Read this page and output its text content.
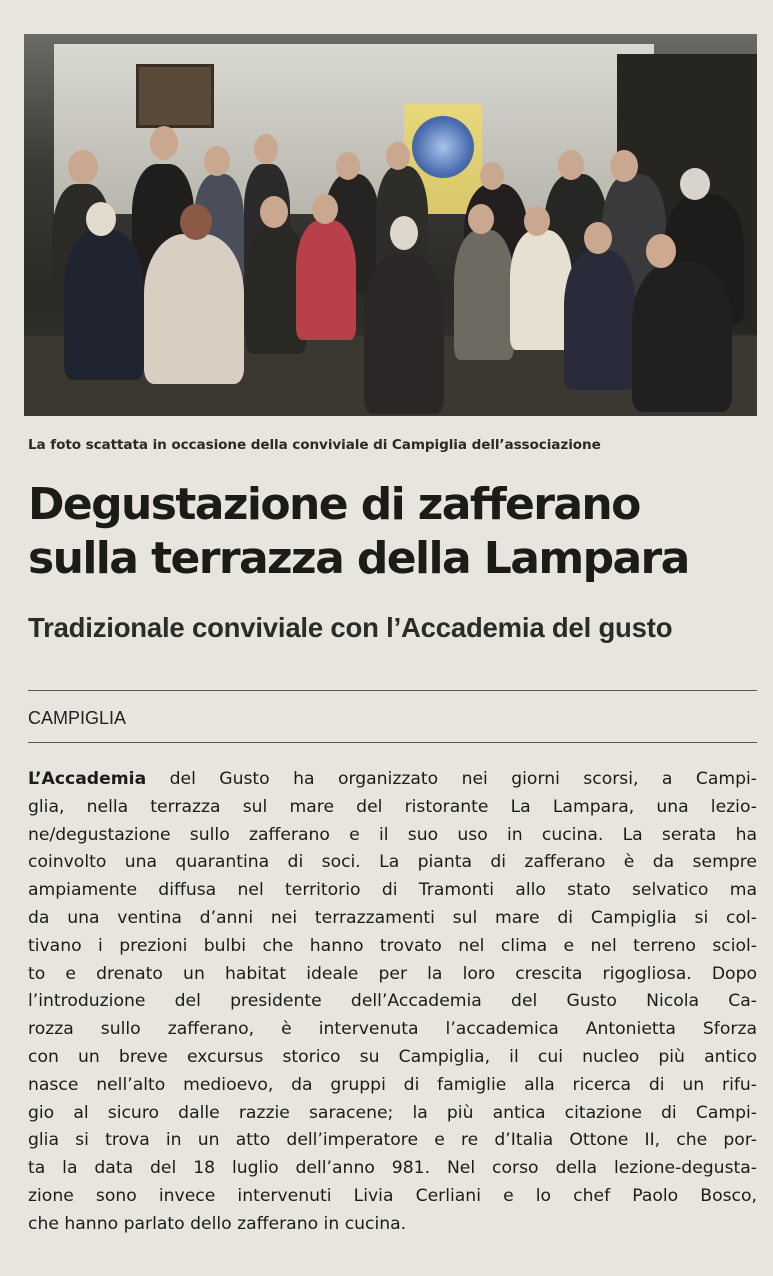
La foto scattata in occasione della conviviale di Campiglia dell’associazione
Degustazione di zafferano
sulla terrazza della Lampara
Tradizionale conviviale con l’Accademia del gusto
CAMPIGLIA
L’Accademia del Gusto ha organizzato nei giorni scorsi, a Campi-
glia, nella terrazza sul mare del ristorante La Lampara, una lezio-
ne/degustazione sullo zafferano e il suo uso in cucina. La serata ha
coinvolto una quarantina di soci. La pianta di zafferano è da sempre
ampiamente diffusa nel territorio di Tramonti allo stato selvatico ma
da una ventina d’anni nei terrazzamenti sul mare di Campiglia si col-
tivano i prezioni bulbi che hanno trovato nel clima e nel terreno sciol-
to e drenato un habitat ideale per la loro crescita rigogliosa. Dopo
l’introduzione del presidente dell’Accademia del Gusto Nicola Ca-
rozza sullo zafferano, è intervenuta l’accademica Antonietta Sforza
con un breve excursus storico su Campiglia, il cui nucleo più antico
nasce nell’alto medioevo, da gruppi di famiglie alla ricerca di un rifu-
gio al sicuro dalle razzie saracene; la più antica citazione di Campi-
glia si trova in un atto dell’imperatore e re d’Italia Ottone II, che por-
ta la data del 18 luglio dell’anno 981. Nel corso della lezione-degusta-
zione sono invece intervenuti Livia Cerliani e lo chef Paolo Bosco,
che hanno parlato dello zafferano in cucina.
